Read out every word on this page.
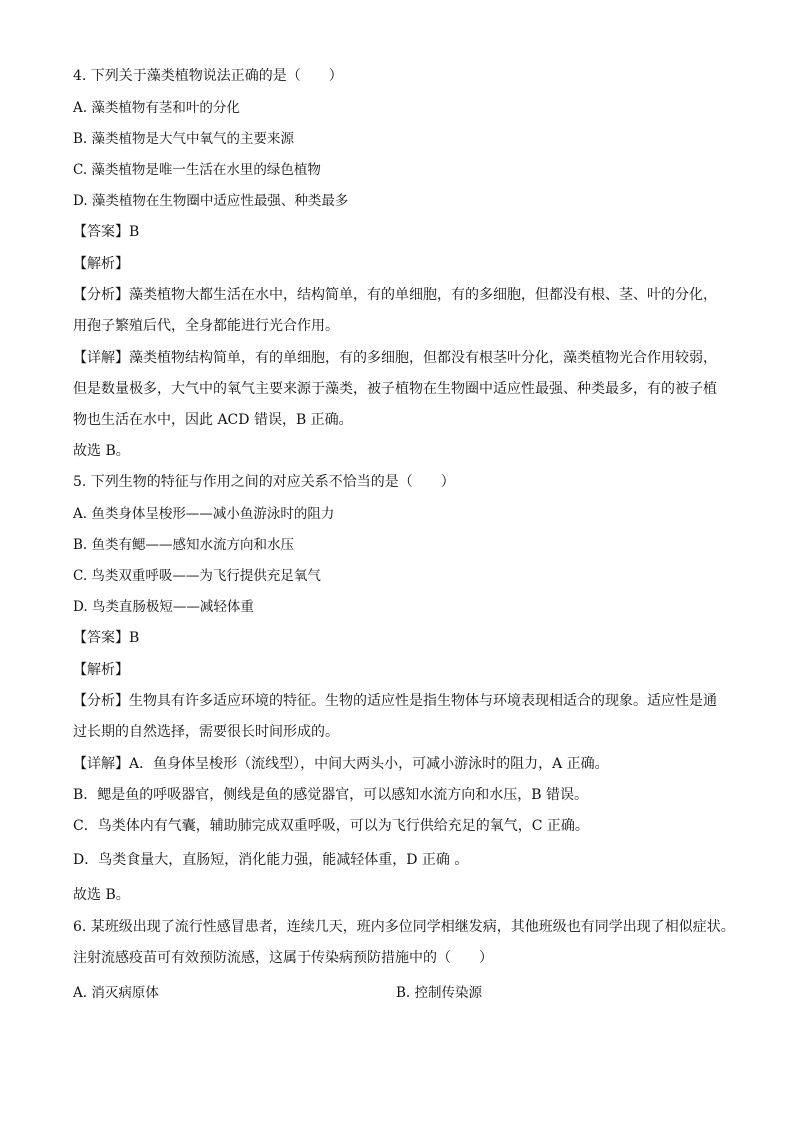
4. 下列关于藻类植物说法正确的是（　　）
A. 藻类植物有茎和叶的分化
B. 藻类植物是大气中氧气的主要来源
C. 藻类植物是唯一生活在水里的绿色植物
D. 藻类植物在生物圈中适应性最强、种类最多
【答案】B
【解析】
【分析】藻类植物大都生活在水中，结构简单，有的单细胞，有的多细胞，但都没有根、茎、叶的分化，
用孢子繁殖后代，全身都能进行光合作用。
【详解】藻类植物结构简单，有的单细胞，有的多细胞，但都没有根茎叶分化，藻类植物光合作用较弱，
但是数量极多，大气中的氧气主要来源于藻类，被子植物在生物圈中适应性最强、种类最多，有的被子植
物也生活在水中，因此 ACD 错误，B 正确。
故选 B。
5. 下列生物的特征与作用之间的对应关系不恰当的是（　　）
A. 鱼类身体呈梭形——减小鱼游泳时的阻力
B. 鱼类有鳃——感知水流方向和水压
C. 鸟类双重呼吸——为飞行提供充足氧气
D. 鸟类直肠极短——减轻体重
【答案】B
【解析】
【分析】生物具有许多适应环境的特征。生物的适应性是指生物体与环境表现相适合的现象。适应性是通
过长期的自然选择，需要很长时间形成的。
【详解】A．鱼身体呈梭形（流线型），中间大两头小，可减小游泳时的阻力，A 正确。
B．鳃是鱼的呼吸器官，侧线是鱼的感觉器官，可以感知水流方向和水压，B 错误。
C．鸟类体内有气囊，辅助肺完成双重呼吸，可以为飞行供给充足的氧气，C 正确。
D．鸟类食量大，直肠短，消化能力强，能减轻体重，D 正确 。
故选 B。
6. 某班级出现了流行性感冒患者，连续几天，班内多位同学相继发病，其他班级也有同学出现了相似症状。
注射流感疫苗可有效预防流感，这属于传染病预防措施中的（　　）
A. 消灭病原体	B. 控制传染源
